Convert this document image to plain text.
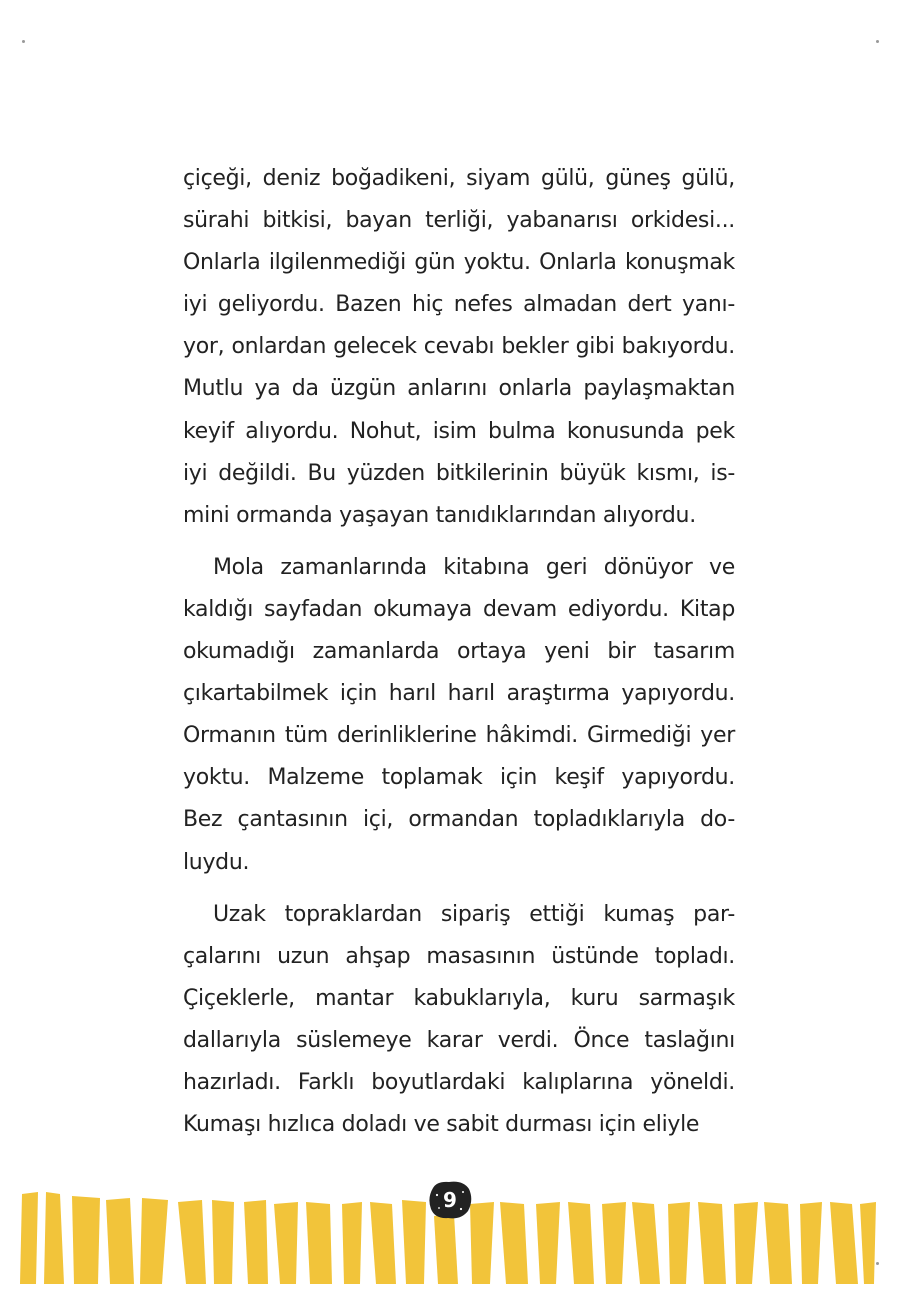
çiçeği, deniz boğadikeni, siyam gülü, güneş gülü,
sürahi bitkisi, bayan terliği, yabanarısı orkidesi...
Onlarla ilgilenmediği gün yoktu. Onlarla konuşmak
iyi geliyordu. Bazen hiç nefes almadan dert yanı-
yor, onlardan gelecek cevabı bekler gibi bakıyordu.
Mutlu ya da üzgün anlarını onlarla paylaşmaktan
keyif alıyordu. Nohut, isim bulma konusunda pek
iyi değildi. Bu yüzden bitkilerinin büyük kısmı, is-
mini ormanda yaşayan tanıdıklarından alıyordu.
Mola zamanlarında kitabına geri dönüyor ve
kaldığı sayfadan okumaya devam ediyordu. Kitap
okumadığı zamanlarda ortaya yeni bir tasarım
çıkartabilmek için harıl harıl araştırma yapıyordu.
Ormanın tüm derinliklerine hâkimdi. Girmediği yer
yoktu. Malzeme toplamak için keşif yapıyordu.
Bez çantasının içi, ormandan topladıklarıyla do-
luydu.
Uzak topraklardan sipariş ettiği kumaş par-
çalarını uzun ahşap masasının üstünde topladı.
Çiçeklerle, mantar kabuklarıyla, kuru sarmaşık
dallarıyla süslemeye karar verdi. Önce taslağını
hazırladı. Farklı boyutlardaki kalıplarına yöneldi.
Kumaşı hızlıca doladı ve sabit durması için eliyle
9
